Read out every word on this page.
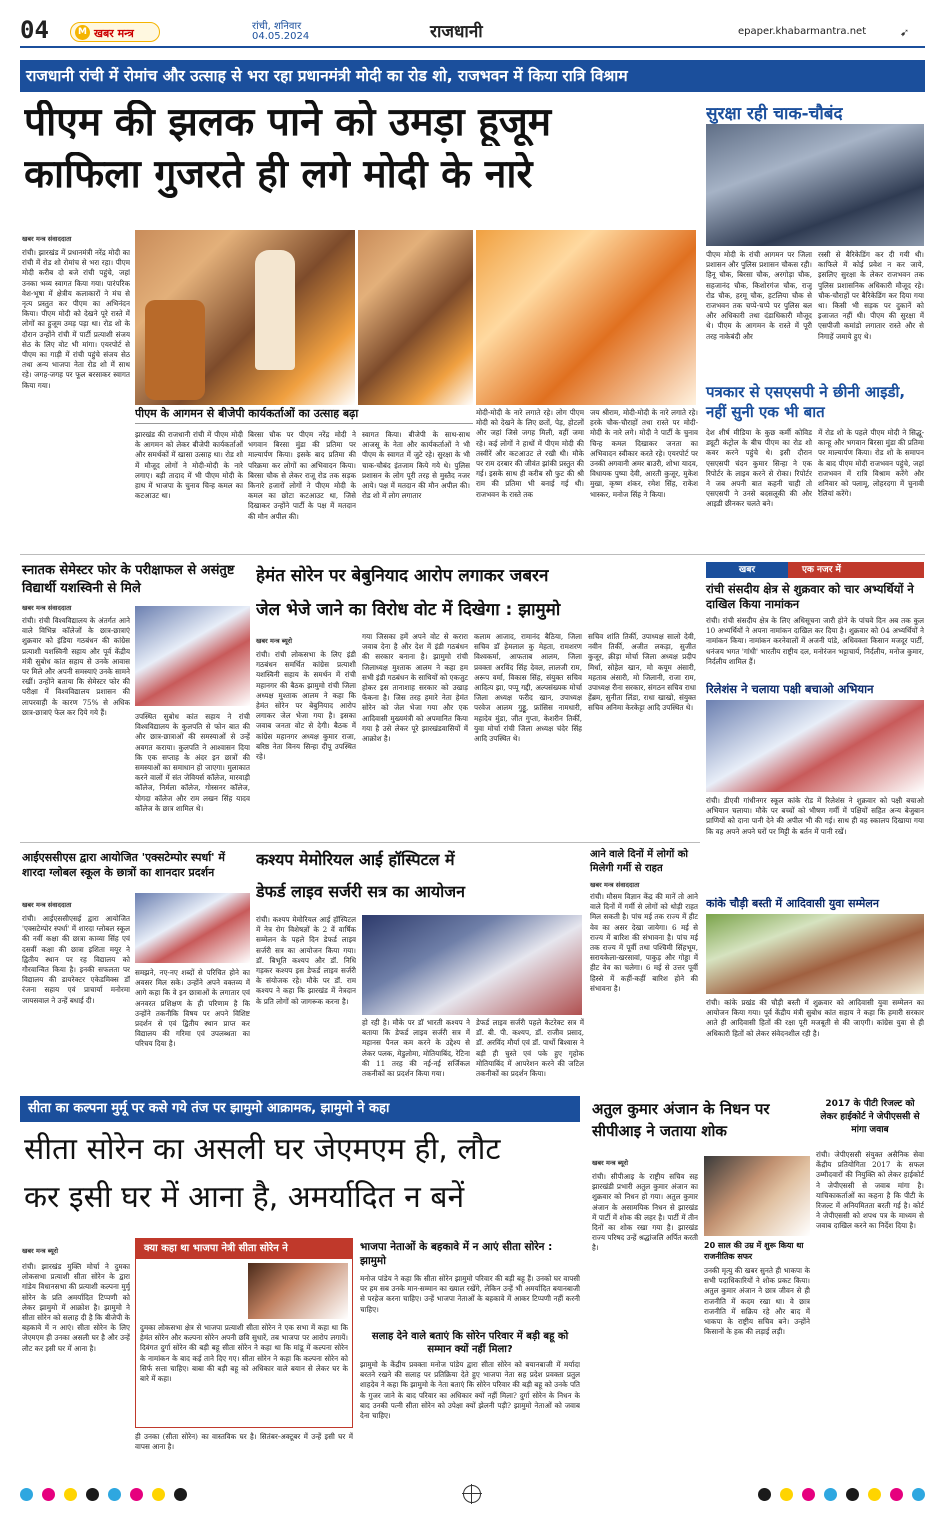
04	M खबर मन्त्र
रांची, शनिवार
04.05.2024	राजधानी	epaper.khabarmantra.net	➹
राजधानी रांची में रोमांच और उत्साह से भरा रहा प्रधानमंत्री मोदी का रोड शो, राजभवन में किया रात्रि विश्राम
पीएम की झलक पाने को उमड़ा हूजूम
काफिला गुजरते ही लगे मोदी के नारे
खबर मन्त्र संवाददाता
रांची। झारखंड में प्रधानमंत्री नरेंद्र मोदी का रांची में रोड शो रोमांच से भरा रहा। पीएम मोदी करीब दो बजे रांची पहुंचे, जहां उनका भव्य स्वागत किया गया। पारंपरिक वेश-भूषा में क्षेत्रीय कलाकारों ने मंच से नृत्य प्रस्तुत कर पीएम का अभिनंदन किया। पीएम मोदी को देखने पूरे रास्ते में लोगों का हुजूम उमड़ पड़ा था। रोड शो के दौरान उन्होंने रांची में पार्टी प्रत्याशी संजय सेठ के लिए वोट भी मांगा। एयरपोर्ट से पीएम का गाड़ी में रांची पहुंचे संजय सेठ तथा अन्य भाजपा नेता रोड शो में साथ रहे। जगह-जगह पर फूल बरसाकर स्वागत किया गया।
पीएम के आगमन से बीजेपी कार्यकर्ताओं का उत्साह बढ़ा
झारखंड की राजधानी रांची में पीएम मोदी के आगमन को लेकर बीजेपी कार्यकर्ताओं और समर्थकों में खासा उत्साह था। रोड शो में मौजूद लोगों ने मोदी-मोदी के नारे लगाए। बड़ी तादाद में भी पीएम मोदी के हाथ में भाजपा के चुनाव चिन्ह कमल का कटआउट था।
बिरसा चौक पर पीएम नरेंद्र मोदी ने भगवान बिरसा मुंडा की प्रतिमा पर माल्यार्पण किया। इसके बाद प्रतिमा की परिक्रमा कर लोगों का अभिवादन किया। बिरसा चौक से लेकर राजू रोड तक सड़क किनारे हजारों लोगों ने पीएम मोदी के कमल का छोटा कटआउट था, जिसे दिखाकर उन्होंने पार्टी के पक्ष में मतदान की मौन अपील की।
स्वागत किया। बीजेपी के साथ-साथ आजसू के नेता और कार्यकर्ताओं ने भी पीएम के स्वागत में जुटे रहे। सुरक्षा के भी चाक-चौबंद इंतजाम किये गये थे। पुलिस प्रशासन के लोग पूरी तरह से मुस्तैद नजर आये। पक्ष में मतदान की मौन अपील की। रोड शो में लोग लगातार
मोदी-मोदी के नारे लगाते रहे। लोग पीएम मोदी को देखने के लिए छतों, पेड़, होटलों और जहां जिसे जगह मिली, वहीं जमा रहे। कई लोगों ने हाथों में पीएम मोदी की तस्वीरें और कटआउट ले रखी थी। मौके पर राम दरबार की जीवंत झांकी प्रस्तुत की गई। इसके साथ ही करीब सौ फुट की श्री राम की प्रतिमा भी बनाई गई थी। राजभवन के रास्ते तक
जय श्रीराम, मोदी-मोदी के नारे लगाते रहे। हरके चौक-चौराहों तथा रास्ते पर मोदी-मोदी के नारे लगे। मोदी ने पार्टी के चुनाव चिन्ह कमल दिखाकर जनता का अभिवादन स्वीकार करते रहे। एयरपोर्ट पर उनकी अगवानी अमर बाउरी, शोभा यादव, विधायक पुष्पा देवी, आरती कुजूर, मुकेश मुखा, कृष्ण शंकर, रमेश सिंह, राकेश भास्कर, मनोज सिंह ने किया।
सुरक्षा रही चाक-चौबंद
पीएम मोदी के रांची आगमन पर जिला प्रशासन और पुलिस प्रशासन चौकस रही। हिनू चौक, बिरसा चौक, अरगोड़ा चौक, सहजानंद चौक, किशोरगंज चौक, राजू रोड चौक, हरमू चौक, हटलिया चौक से राजभवन तक चप्पे-चप्पे पर पुलिस बल और अधिकारी तथा दंडाधिकारी मौजूद थे। पीएम के आगमन के रास्ते में पूरी तरह नाकेबंदी और
रस्सी से बैरिकेडिंग कर दी गयी थी। काफिले में कोई प्रवेश न कर जाये, इसलिए सुरक्षा के लेकर राजभवन तक पुलिस प्रशासनिक अधिकारी मौजूद रहे। चौक-चौराहों पर बैरिकेडिंग कर दिया गया था। किसी भी सड़क पर दुकानें को इजाजत नहीं थी। पीएम की सुरक्षा में एसपीजी कमांडो लगातार रास्ते और से निगाहें जमाये हुए थे।
पत्रकार से एसएसपी ने छीनी आइडी, नहीं सुनी एक भी बात
देश शीर्ष मीडिया के कुछ कर्मी कोविड ड्यूटी कंट्रोल के बीच पीएम का रोड शो कवर करने पहुंचे थे। इसी दौरान एसएसपी चंदन कुमार सिन्हा ने एक रिपोर्टर के लाइव करने से रोका। रिपोर्टर ने जब अपनी बात कहनी चाही तो एसएसपी ने उनसे बदसलूकी की और आइडी छीनकर चलते बने।
में रोड शो के पहले पीएम मोदी ने सिद्धू-कान्हू और भगवान बिरसा मुंडा की प्रतिमा पर माल्यार्पण किया। रोड शो के समापन के बाद पीएम मोदी राजभवन पहुंचे, जहां राजभवन में रात्रि विश्राम करेंगे और शनिवार को पलामू, लोहरदगा में चुनावी रैलियां करेंगे।
स्नातक सेमेस्टर फोर के परीक्षाफल से असंतुष्ट विद्यार्थी यशस्विनी से मिले
खबर मन्त्र संवाददाता
रांची। रांची विश्वविद्यालय के अंतर्गत आने वाले विभिन्न कॉलेजों के छात्र-छात्राएं शुक्रवार को इंडिया गठबंधन की कांग्रेस प्रत्याशी यशस्विनी सहाय और पूर्व केंद्रीय मंत्री सुबोध कांत सहाय से उनके आवास पर मिले और अपनी समस्याएं उनके सामने रखीं। उन्होंने बताया कि सेमेस्टर फोर की परीक्षा में विश्वविद्यालय प्रशासन की लापरवाही के कारण 75% से अधिक छात्र-छात्राएं फेल कर दिये गये हैं।	उपस्थित सुबोध कांत सहाय ने रांची विश्वविद्यालय के कुलपति से फोन बात की और छात्र-छात्राओं की समस्याओं से उन्हें अवगत कराया। कुलपति ने आश्वासन दिया कि एक सप्ताह के अंदर इन छात्रों की समस्याओं का समाधान हो जाएगा। मुलाकात करने वालों में संत जेवियर्स कॉलेज, मारवाड़ी कॉलेज, निर्मला कॉलेज, गोस्सनर कॉलेज, योगदा कॉलेज और राम लखन सिंह यादव कॉलेज के छात्र शामिल थे।
हेमंत सोरेन पर बेबुनियाद आरोप लगाकर जबरन
जेल भेजे जाने का विरोध वोट में दिखेगा : झामुमो
खबर मन्त्र ब्यूरो
रांची। रांची लोकसभा के लिए इंडी गठबंधन समर्थित कांग्रेस प्रत्याशी यशस्विनी सहाय के समर्थन में रांची महानगर की बैठक झामुमो रांची जिला अध्यक्ष मुश्ताक आलम ने कहा कि हेमंत सोरेन पर बेबुनियाद आरोप लगाकर जेल भेजा गया है। इसका जवाब जनता वोट से देगी। बैठक में कांग्रेस महानगर अध्यक्ष कुमार राजा, बरिष्ठ नेता विनय सिन्हा दीपू उपस्थित रहे।
गया जिसका हमें अपने वोट से करारा जवाब देना है और देश में इंडी गठबंधन की सरकार बनाना है। झामुमो रांची जिलाध्यक्ष मुश्ताक आलम ने कहा हम सभी इंडी गठबंधन के साथियों को एकजुट होकर इस तानाशाह सरकार को उखाड़ फेंकना है। जिस तरह हमारे नेता हेमंत सोरेन को जेल भेजा गया और एक आदिवासी मुख्यमंत्री को अपमानित किया गया है उसे लेकर पूरे झारखंडवासियों में आक्रोश है।
कलाम आजाद, रामानंद बैठिया, जिला सचिव डॉ हेमलाल कु मेहता, रामशरण विश्वकर्मा, आफताब आलम, जिला प्रवक्ता अरविंद सिंह देवल, लालजी राम, अरूप वर्मा, विकास सिंह, संयुक्त सचिव आदित्य झा, पप्पू गद्दी, अल्पसंख्यक मोर्चा जिला अध्यक्ष फरीद खान, उपाध्यक्ष परवेज आलम गुड्डू, फ्रांसिस नामधारी, महादेव मुंडा, जीत गुप्ता, केशरीन तिर्की, युवा मोर्चा रांची जिला अध्यक्ष चंदेर सिंह आदि उपस्थित थे।
सचिव शांति तिर्की, उपाध्यक्ष सालो देवी, नवीन तिर्की, अजीत लकड़ा, सुजीत कुजूर, क्रीड़ा मोर्चा जिला अध्यक्ष प्रदीप मिर्धा, सोहेल खान, मो कयूम अंसारी, महताब अंसारी, मो जिलानी, राजा राम, उपाध्यक्ष रीना सरकार, संगठन सचिव राधा हेंब्रम, सुनीता लिंडा, राधा खाखो, संयुक्त सचिव अनिमा केरकेट्टा आदि उपस्थित थे।
खबर	एक नजर में
रांची संसदीय क्षेत्र से शुक्रवार को चार अभ्यर्थियों ने दाखिल किया नामांकन
रांची। रांची संसदीय क्षेत्र के लिए अधिसूचना जारी होने के पांचवे दिन अब तक कुल 10 अभ्यर्थियों ने अपना नामांकन दाखिल कर दिया है। शुक्रवार को 04 अभ्यर्थियों ने नामांकन किया। नामांकन करनेवालों में अजनी पांडे, अधिवक्ता किसान मजदूर पार्टी, धनंजय भगत 'गांधी' भारतीय राष्ट्रीय दल, मनोरंजन भट्टाचार्य, निर्दलीय, मनोज कुमार, निर्दलीय शामिल हैं।
रिलेशंस ने चलाया पक्षी बचाओ अभियान
रांची। डीएवी गांधीनगर स्कूल कांके रोड में रिलेशंस ने शुक्रवार को पक्षी बचाओ अभियान चलाया। मौके पर बच्चों को भीषण गर्मी में पक्षियों सहित अन्य बेजुबान प्राणियों को दाना पानी देने की अपील भी की गई। साथ ही वह स्कालप दिखाया गया कि वह अपने अपने घरों पर मिट्टी के बर्तन में पानी रखें।
आईएससीएस द्वारा आयोजित 'एक्सटेम्पोर स्पर्धा' में शारदा ग्लोबल स्कूल के छात्रों का शानदार प्रदर्शन
खबर मन्त्र संवाददाता
रांची। आईएससीएसई द्वारा आयोजित 'एक्सटेम्पोर स्पर्धा' में शारदा ग्लोबल स्कूल की नवीं कक्षा की छात्रा काव्या सिंह एवं दसवीं कक्षा की छात्रा इशिता मयूर ने द्वितीय स्थान पर रह विद्यालय को गौरवान्वित किया है। इनकी सफलता पर विद्यालय की डायरेक्टर एकेडमिक्स डॉ रंजना सहाय एवं प्राचार्या मनोरमा जायसवाल ने उन्हें बधाई दी।
समझने, नए-नए शब्दों से परिचित होने का अवसर मिल सके। उन्होंने अपने वक्तव्य में आगे कहा कि वे इन छात्राओं के लगातार एवं अनवरत प्रशिक्षण के ही परिणाम है कि उन्होंने तकनीकि विषय पर अपने विशिष्ट प्रदर्शन से एवं द्वितीय स्थान प्राप्त कर विद्यालय की गरिमा एवं उपलब्धता का परिचय दिया है।
कश्यप मेमोरियल आई हॉस्पिटल में
डेफर्ड लाइव सर्जरी सत्र का आयोजन
रांची। कश्यप मेमोरियल आई हॉस्पिटल में नेत्र रोग विशेषज्ञों के 2 वें वार्षिक सम्मेलन के पहले दिन डेफर्ड लाइव सर्जरी सत्र का आयोजन किया गया। डॉ. बिभूति कश्यप और डॉ. निधि गड़कर कश्यप इस डेफर्ड लाइव सर्जरी के संयोजक रहे। मौके पर डॉ. राम कश्यप ने कहा कि झारखंड में नेत्रदान के प्रति लोगों को जागरूक करना है।
हो रही है। मौके पर डॉ भारती कश्यप ने बताया कि डेफर्ड लाइव सर्जरी सत्र में महानस पैनल कम करने के उद्देश्य से लेकर पलक, मेडुलोमा, मोतियाबिंद, रेटिना की 11 तरह की नई-नई सर्जिकल तकनीकों का प्रदर्शन किया गया।
डेफर्ड लाइव सर्जरी पहले कैटरेक्ट सत्र में डॉ. बी. पी. कश्यप, डॉ. राजीव प्रसाद, डॉ. अरविंद मौर्या एवं डॉ. पार्थो बिश्वास ने बड़ी ही चुस्ते एवं पके हुए गृहोक मोतियाबिंद में आपरेशन करने की जटिल तकनीकों का प्रदर्शन किया।
आने वाले दिनों में लोगों को मिलेगी गर्मी से राहत
खबर मन्त्र संवाददाता
रांची। मौसम विज्ञान केंद्र की मानें तो आने वाले दिनों में गर्मी से लोगों को थोड़ी राहत मिल सकती है। पांच मई तक राज्य में हीट वेव का असर देखा जायेगा। 6 मई से राज्य में बारिश की संभावना है। पांच मई तक राज्य में पूर्वी तथा पश्चिमी सिंहभूम, सरायकेला-खरसावां, पाकुड़ और गोड्डा में हीट वेव का चलेगा। 6 मई से उत्तर पूर्वी हिस्से में कहीं-कहीं बारिश होने की संभावना है।
कांके चौड़ी बस्ती में आदिवासी युवा सम्मेलन
रांची। कांके प्रखंड की चौड़ी बस्ती में शुक्रवार को आदिवासी युवा सम्मेलन का आयोजन किया गया। पूर्व केंद्रीय मंत्री सुबोध कांत सहाय ने कहा कि हमारी सरकार आते ही आदिवासी हितों की रक्षा पूरी मजबूती से की जाएगी। कांग्रेस युवा से ही अधिकारी हितों को लेकर संवेदनशील रही है।
सीता का कल्पना मुर्मू पर कसे गये तंज पर झामुमो आक्रामक, झामुमो ने कहा
सीता सोरेन का असली घर जेएमएम ही, लौट
कर इसी घर में आना है, अमर्यादित न बनें
खबर मन्त्र ब्यूरो
रांची। झारखंड मुक्ति मोर्चा ने दुमका लोकसभा प्रत्याशी सीता सोरेन के द्वारा गांडेय विधानसभा की प्रत्याशी कल्पना मुर्मू सोरेन के प्रति अमर्यादित टिप्पणी को लेकर झामुमो में आक्रोश है। झामुमो ने सीता सोरेन को सलाह दी है कि बीजेपी के बहकावे में न आएं। सीता सोरेन के लिए जेएमएम ही उनका असली घर है और उन्हें लौट कर इसी घर में आना है।
क्या कहा था भाजपा नेत्री सीता सोरेन ने
दुमका लोकसभा क्षेत्र से भाजपा प्रत्याशी सीता सोरेन ने एक सभा में कहा था कि हेमंत सोरेन और कल्पना सोरेन अपनी छवि सुधारें, तब भाजपा पर आरोप लगायें। दिवंगत दुर्गा सोरेन की बड़ी बहू सीता सोरेन ने कहा था कि मांडू में कल्पना सोरेन के नामांकन के बाद कई ताने दिए गए। सीता सोरेन ने कहा कि कल्पना सोरेन को सिर्फ सत्ता चाहिए। बाबा की बड़ी बहू को अधिकार वाले बयान से लेकर घर के बारे में कहा।
ही उनका (सीता सोरेन) का वास्तविक घर है। सितंबर-अक्टूबर में उन्हें इसी घर में वापस आना है।
भाजपा नेताओं के बहकावे में न आएं सीता सोरेन : झामुमो
मनोज पांडेय ने कहा कि सीता सोरेन झामुमो परिवार की बड़ी बहू हैं। उनको घर वापसी पर हम सब उनके मान-सम्मान का ख्याल रखेंगे, लेकिन उन्हें भी अमर्यादित बयानबाजी से परहेज करना चाहिए। उन्हें भाजपा नेताओं के बहकावे में आकर टिप्पणी नहीं करनी चाहिए।
सलाह देने वाले बताएं कि सोरेन परिवार में बड़ी बहू को सम्मान क्यों नहीं मिला?
झामुमो के केंद्रीय प्रवक्ता मनोज पांडेय द्वारा सीता सोरेन को बयानबाजी में मर्यादा बरतने रखने की सलाह पर प्रतिक्रिया देते हुए भाजपा नेता सह प्रदेश प्रवक्ता प्रतुल शाहदेव ने कहा कि झामुमो के नेता बताएं कि सोरेन परिवार की बड़ी बहू को उनके पति के गुजर जाने के बाद परिवार का अधिकार क्यों नहीं मिला? दुर्गा सोरेन के निधन के बाद उनकी पत्नी सीता सोरेन को उपेक्षा क्यों झेलनी पड़ी? झामुमो नेताओं को जवाब देना चाहिए।
अतुल कुमार अंजान के निधन पर सीपीआइ ने जताया शोक
खबर मन्त्र ब्यूरो
रांची। सीपीआइ के राष्ट्रीय सचिव सह झारखंडी प्रभारी अतुल कुमार अंजान का शुक्रवार को निधन हो गया। अतुल कुमार अंजान के असामयिक निधन से झारखंड में पार्टी में शोक की लहर है। पार्टी में तीन दिनों का शोक रखा गया है। झारखंड राज्य परिषद उन्हें श्रद्धांजलि अर्पित करती है।	20 साल की उम्र में शुरू किया था राजनीतिक सफर
उनकी मृत्यु की खबर सुनते ही भाकपा के सभी पदाधिकारियों ने शोक प्रकट किया। अतुल कुमार अंजान ने छात्र जीवन से ही राजनीति में कदम रखा था। वे छात्र राजनीति में सक्रिय रहे और बाद में भाकपा के राष्ट्रीय सचिव बने। उन्होंने किसानों के हक की लड़ाई लड़ी।
2017 के पीटी रिजल्ट को लेकर हाईकोर्ट ने जेपीएससी से मांगा जवाब
रांची। जेपीएससी संयुक्त असैनिक सेवा केंद्रीय प्रतियोगिता 2017 के सफल उम्मीदवारों की नियुक्ति को लेकर हाईकोर्ट ने जेपीएससी से जवाब मांगा है। याचिकाकर्ताओं का कहना है कि पीटी के रिजल्ट में अनियमितता बरती गई है। कोर्ट ने जेपीएससी को शपथ पत्र के माध्यम से जवाब दाखिल करने का निर्देश दिया है।
